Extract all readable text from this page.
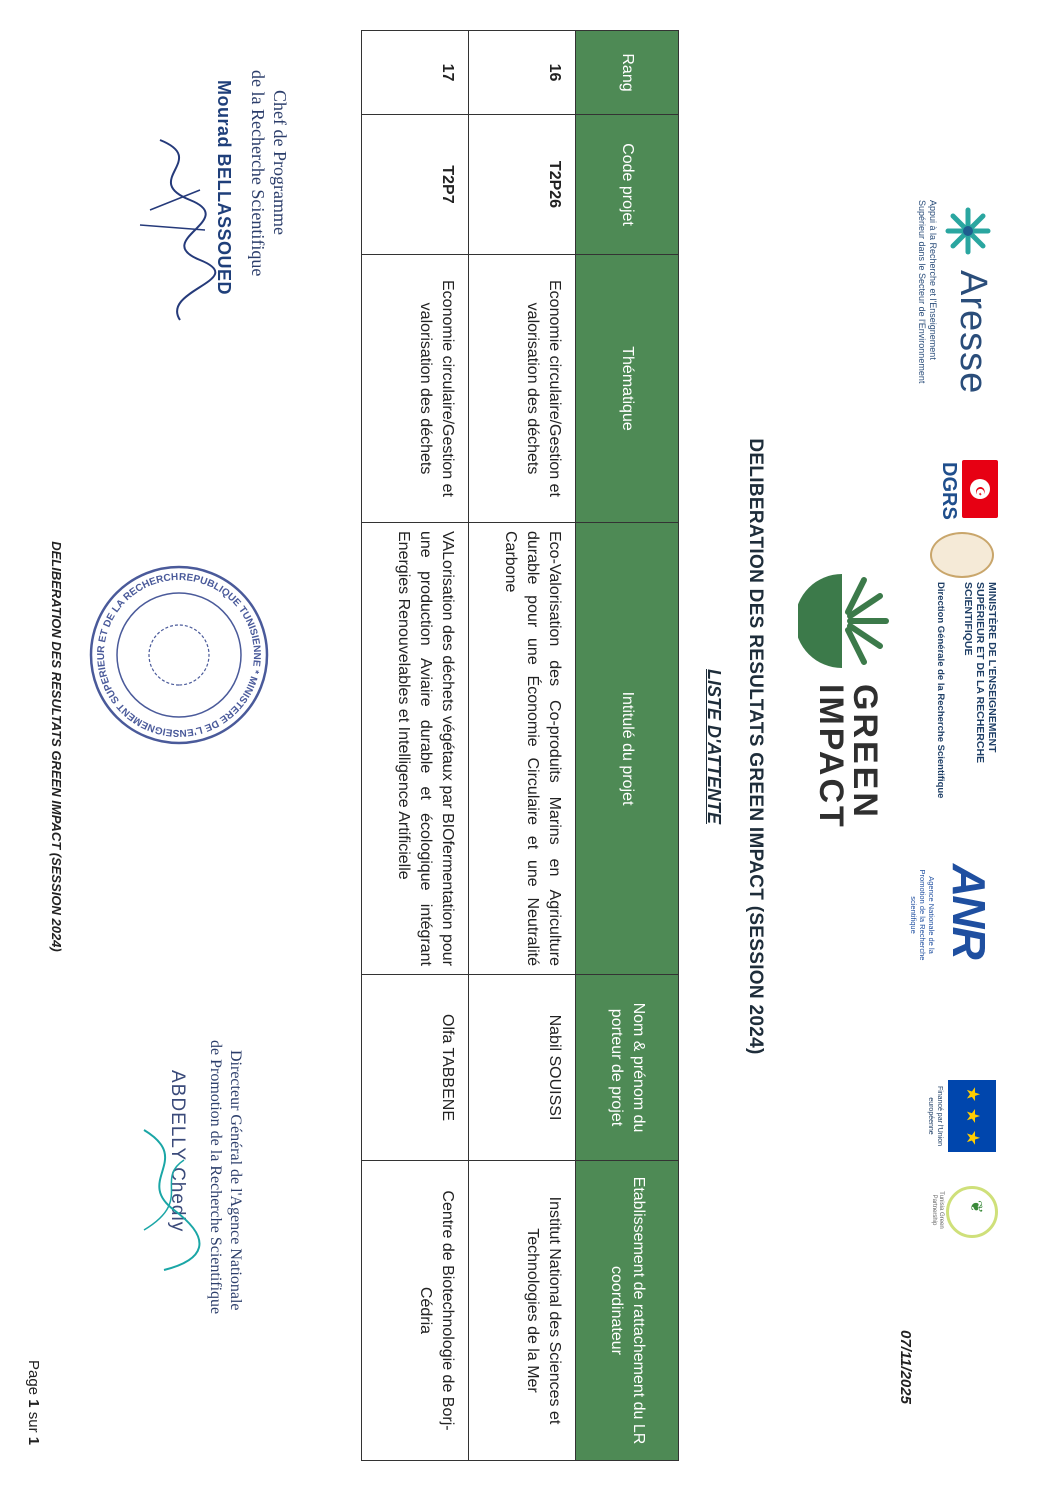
Aresse
Appui à la Recherche et l'Enseignement Supérieur dans le Secteur de l'Environnement
☪
DGRS
MINISTÈRE DE L'ENSEIGNEMENT SUPÉRIEUR ET DE LA RECHERCHE SCIENTIFIQUE
Direction Générale de la Recherche Scientifique
GREEN
IMPACT
ANR
Agence Nationale de la Promotion de la Recherche scientifique
★ ★ ★
Financé par l'Union européenne
❦
Tunisia Green Partnership
07/11/2025
DELIBERATION DES RESULTATS GREEN IMPACT (SESSION 2024)
LISTE D'ATTENTE
Rang	Code projet	Thématique	Intitulé du projet	Nom & prénom du porteur de projet	Etablissement de rattachement du LR coordinateur
16	T2P26	Economie circulaire/Gestion et valorisation des déchets	Eco-Valorisation des Co-produits Marins en Agriculture durable pour une Économie Circulaire et une Neutralité Carbone	Nabil SOUISSI	Institut National des Sciences et Technologies de la Mer
17	T2P7	Economie circulaire/Gestion et valorisation des déchets	VALorisation des déchets végétaux par BIOfermentation pour une production Aviaire durable et écologique intégrant Energies Renouvelables et Intelligence Artificielle	Olfa TABBENE	Centre de Biotechnologie de Borj-Cédria
Chef de Programme
de la Recherche Scientifique
Mourad BELLASSOUED
REPUBLIQUE TUNISIENNE * MINISTERE DE L'ENSEIGNEMENT SUPERIEUR ET DE LA RECHERCH
Directeur Général de l'Agence Nationale
de Promotion de la Recherche Scientifique
ABDELLY Chedly
DELIBERATION DES RESULTATS GREEN IMPACT (SESSION 2024)
Page 1 sur 1
